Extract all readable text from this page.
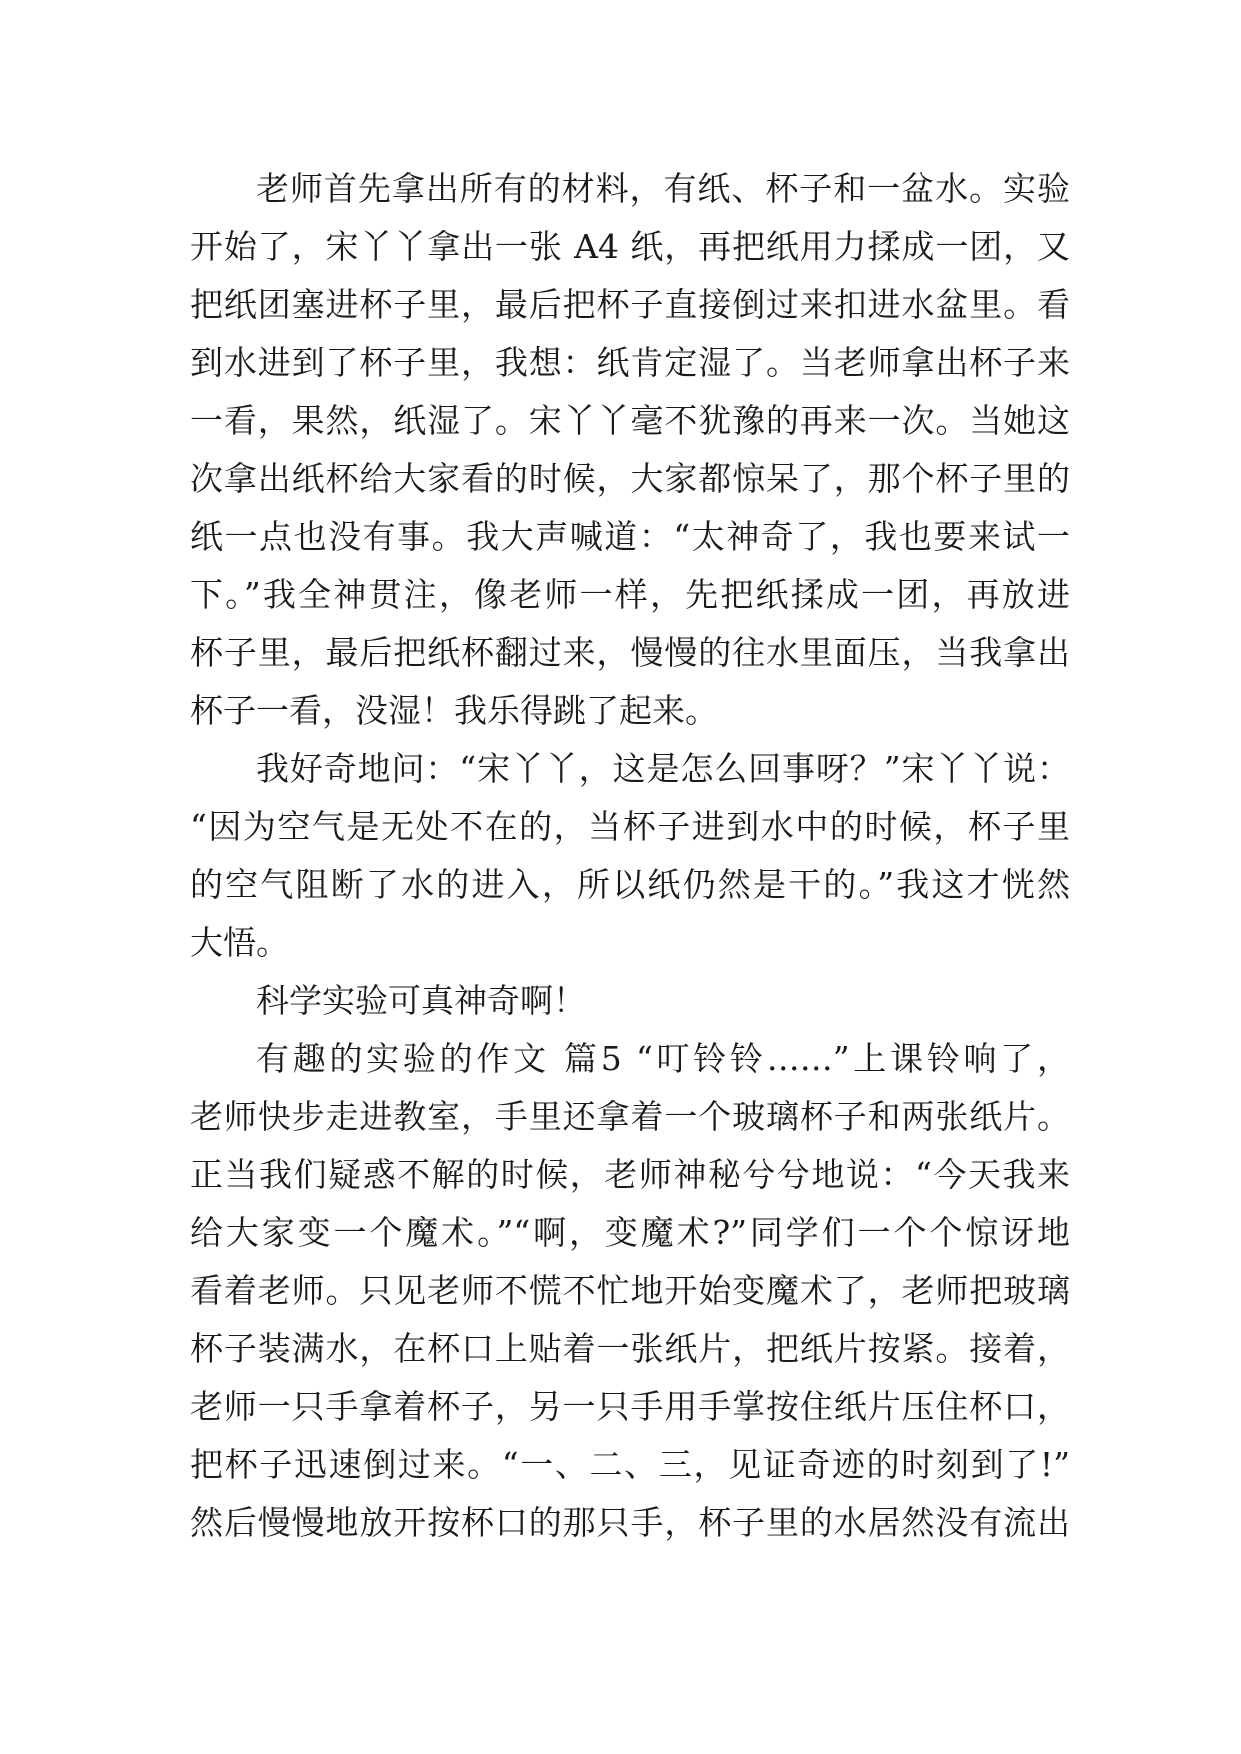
老师首先拿出所有的材料，有纸、杯子和一盆水。实验
开始了，宋丫丫拿出一张 A4 纸，再把纸用力揉成一团，又
把纸团塞进杯子里，最后把杯子直接倒过来扣进水盆里。看
到水进到了杯子里，我想：纸肯定湿了。当老师拿出杯子来
一看，果然，纸湿了。宋丫丫毫不犹豫的再来一次。当她这
次拿出纸杯给大家看的时候，大家都惊呆了，那个杯子里的
纸一点也没有事。我大声喊道：“太神奇了，我也要来试一
下。”我全神贯注，像老师一样，先把纸揉成一团，再放进
杯子里，最后把纸杯翻过来，慢慢的往水里面压，当我拿出
杯子一看，没湿！我乐得跳了起来。
我好奇地问：“宋丫丫，这是怎么回事呀？”宋丫丫说：
“因为空气是无处不在的，当杯子进到水中的时候，杯子里
的空气阻断了水的进入，所以纸仍然是干的。”我这才恍然
大悟。
科学实验可真神奇啊！
有趣的实验的作文 篇5 “叮铃铃……”上课铃响了，
老师快步走进教室，手里还拿着一个玻璃杯子和两张纸片。
正当我们疑惑不解的时候，老师神秘兮兮地说：“今天我来
给大家变一个魔术。”“啊，变魔术?”同学们一个个惊讶地
看着老师。只见老师不慌不忙地开始变魔术了，老师把玻璃
杯子装满水，在杯口上贴着一张纸片，把纸片按紧。接着，
老师一只手拿着杯子，另一只手用手掌按住纸片压住杯口，
把杯子迅速倒过来。“一、二、三，见证奇迹的时刻到了!”
然后慢慢地放开按杯口的那只手，杯子里的水居然没有流出
